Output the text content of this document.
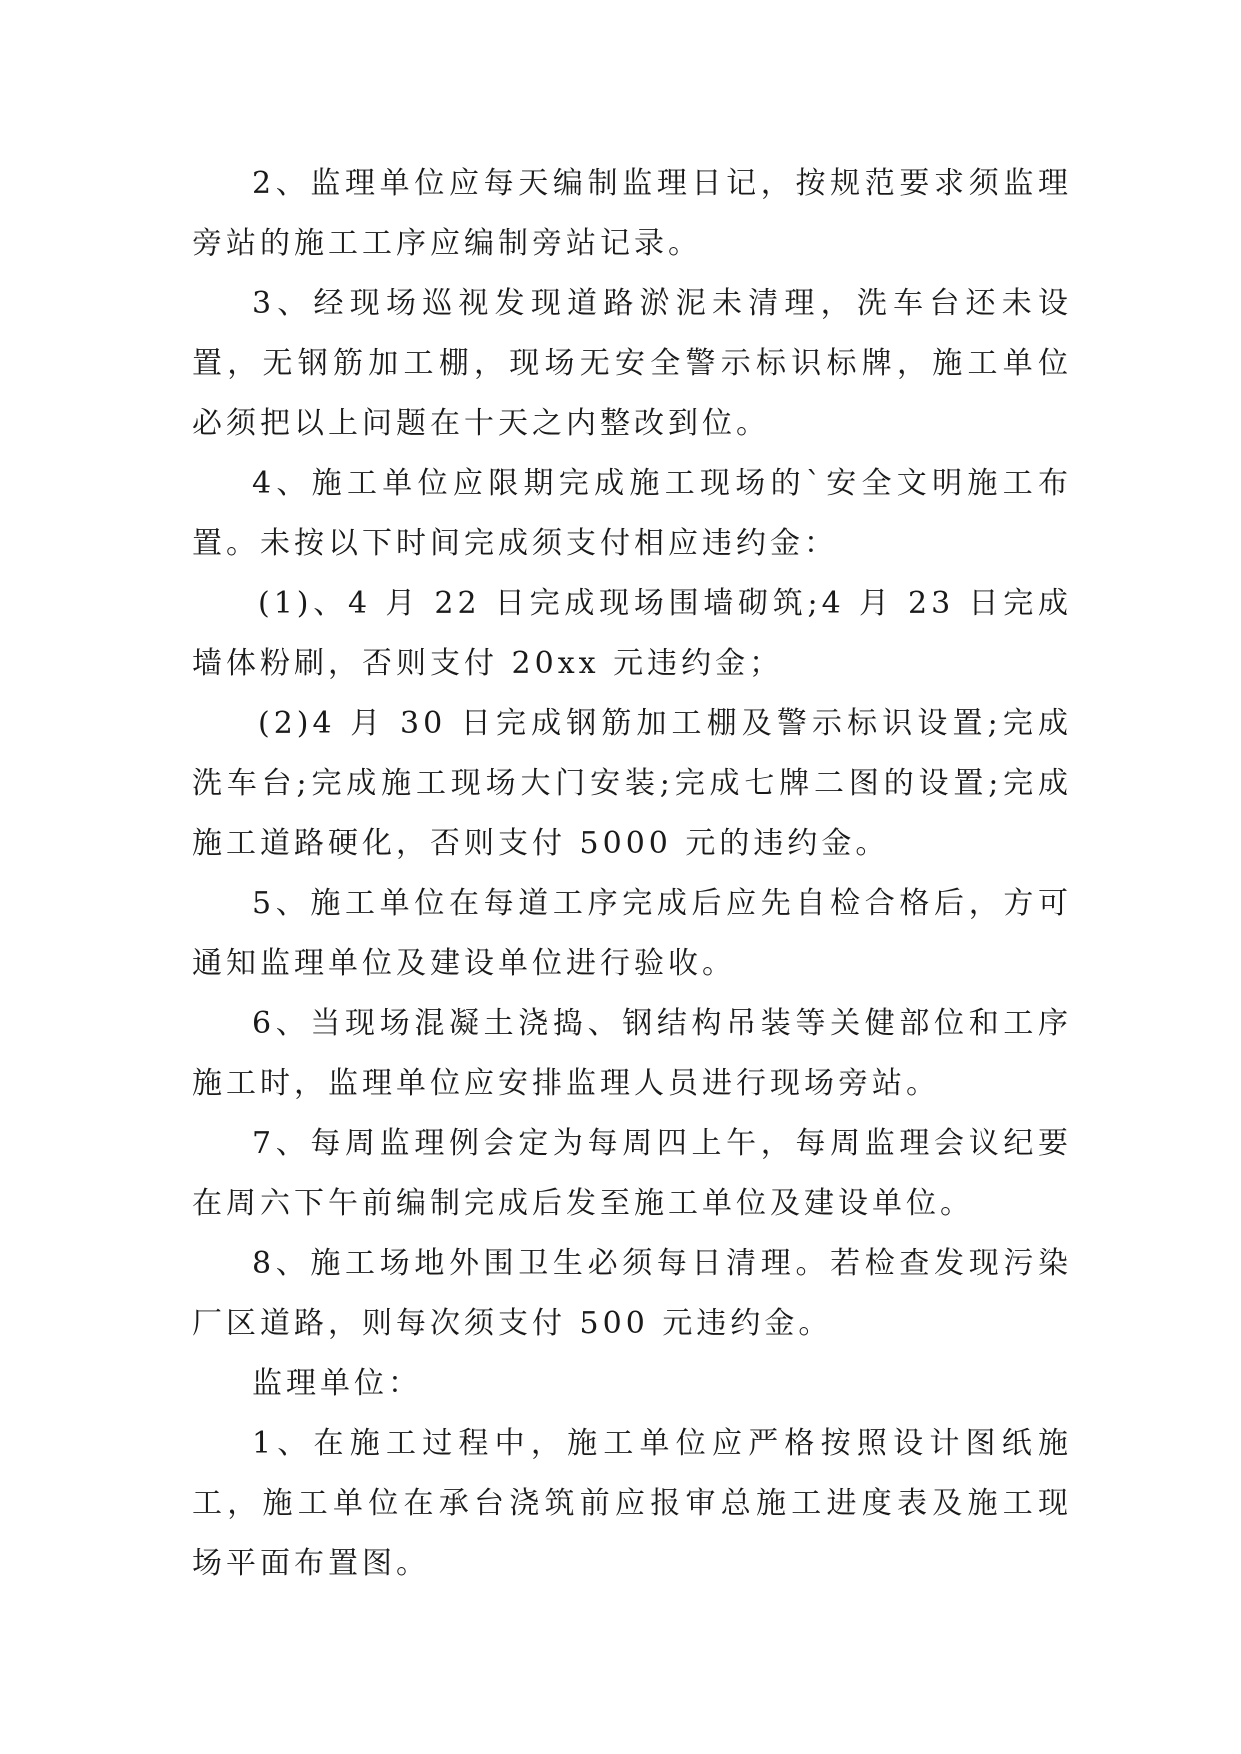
2、监理单位应每天编制监理日记，按规范要求须监理旁站的施工工序应编制旁站记录。

3、经现场巡视发现道路淤泥未清理，洗车台还未设置，无钢筋加工棚，现场无安全警示标识标牌，施工单位必须把以上问题在十天之内整改到位。

4、施工单位应限期完成施工现场的`安全文明施工布置。未按以下时间完成须支付相应违约金：

(1)、4 月 22 日完成现场围墙砌筑;4 月 23 日完成墙体粉刷，否则支付 20xx 元违约金；

(2)4 月 30 日完成钢筋加工棚及警示标识设置;完成洗车台;完成施工现场大门安装;完成七牌二图的设置;完成施工道路硬化，否则支付 5000 元的违约金。

5、施工单位在每道工序完成后应先自检合格后，方可通知监理单位及建设单位进行验收。

6、当现场混凝土浇捣、钢结构吊装等关健部位和工序施工时，监理单位应安排监理人员进行现场旁站。

7、每周监理例会定为每周四上午，每周监理会议纪要在周六下午前编制完成后发至施工单位及建设单位。

8、施工场地外围卫生必须每日清理。若检查发现污染厂区道路，则每次须支付 500 元违约金。

监理单位：

1、在施工过程中，施工单位应严格按照设计图纸施工，施工单位在承台浇筑前应报审总施工进度表及施工现场平面布置图。
